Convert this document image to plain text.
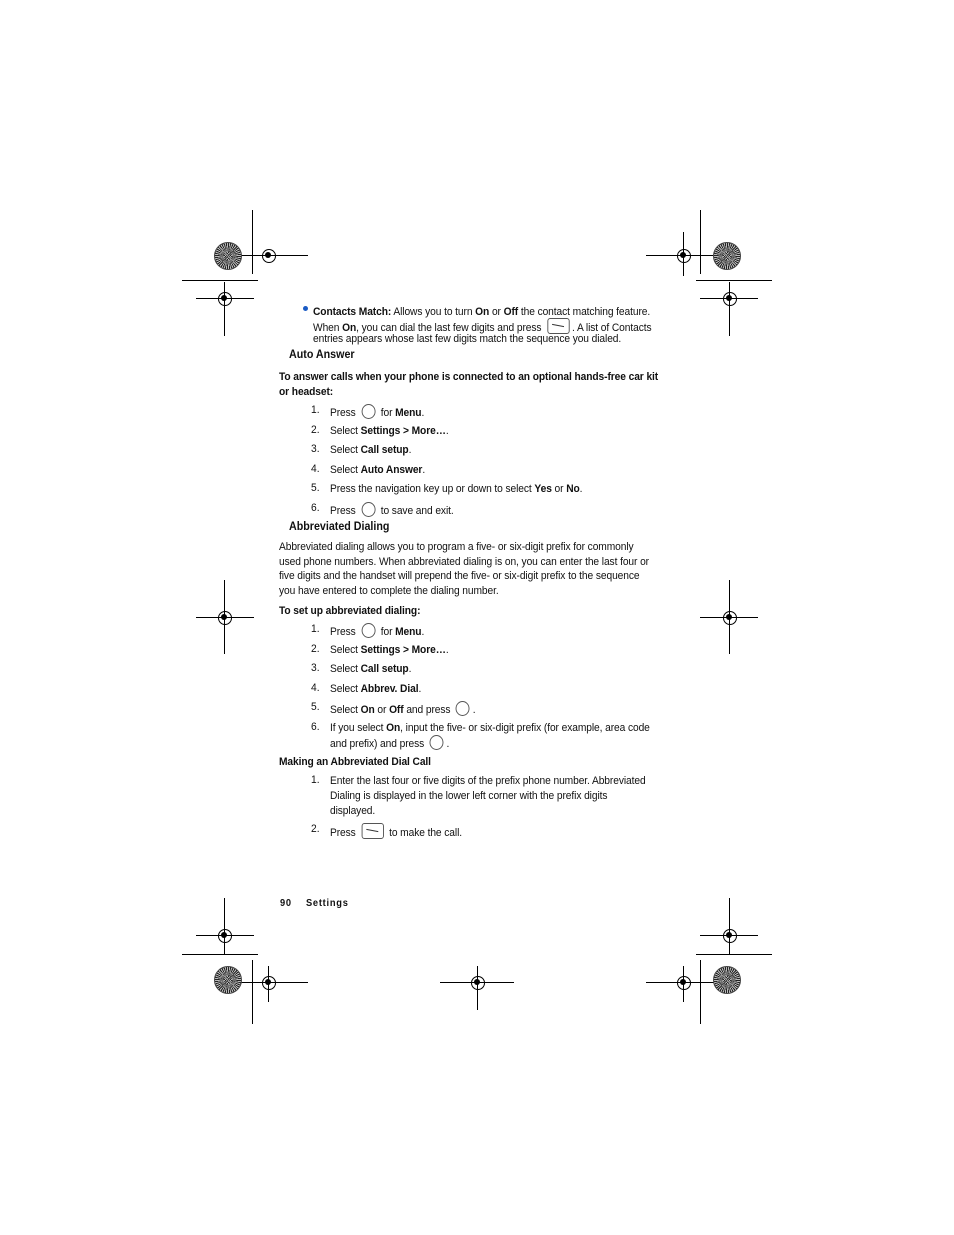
Contacts Match: Allows you to turn On or Off the contact matching feature.
When On, you can dial the last few digits and press	. A list of Contacts
entries appears whose last few digits match the sequence you dialed.
Auto Answer
To answer calls when your phone is connected to an optional hands-free car kit
or headset:
1. Press  for Menu.
2. Select Settings > More….
3. Select Call setup.
4. Select Auto Answer.
5. Press the navigation key up or down to select Yes or No.
6. Press  to save and exit.
Abbreviated Dialing
Abbreviated dialing allows you to program a five- or six-digit prefix for commonly
used phone numbers. When abbreviated dialing is on, you can enter the last four or
five digits and the handset will prepend the five- or six-digit prefix to the sequence
you have entered to complete the dialing number.
To set up abbreviated dialing:
1. Press  for Menu.
2. Select Settings > More….
3. Select Call setup.
4. Select Abbrev. Dial.
5. Select On or Off and press .
6. If you select On, input the five- or six-digit prefix (for example, area code
and prefix) and press .
Making an Abbreviated Dial Call
1. Enter the last four or five digits of the prefix phone number. Abbreviated
Dialing is displayed in the lower left corner with the prefix digits
displayed.
2. Press	to make the call.
90 Settings
